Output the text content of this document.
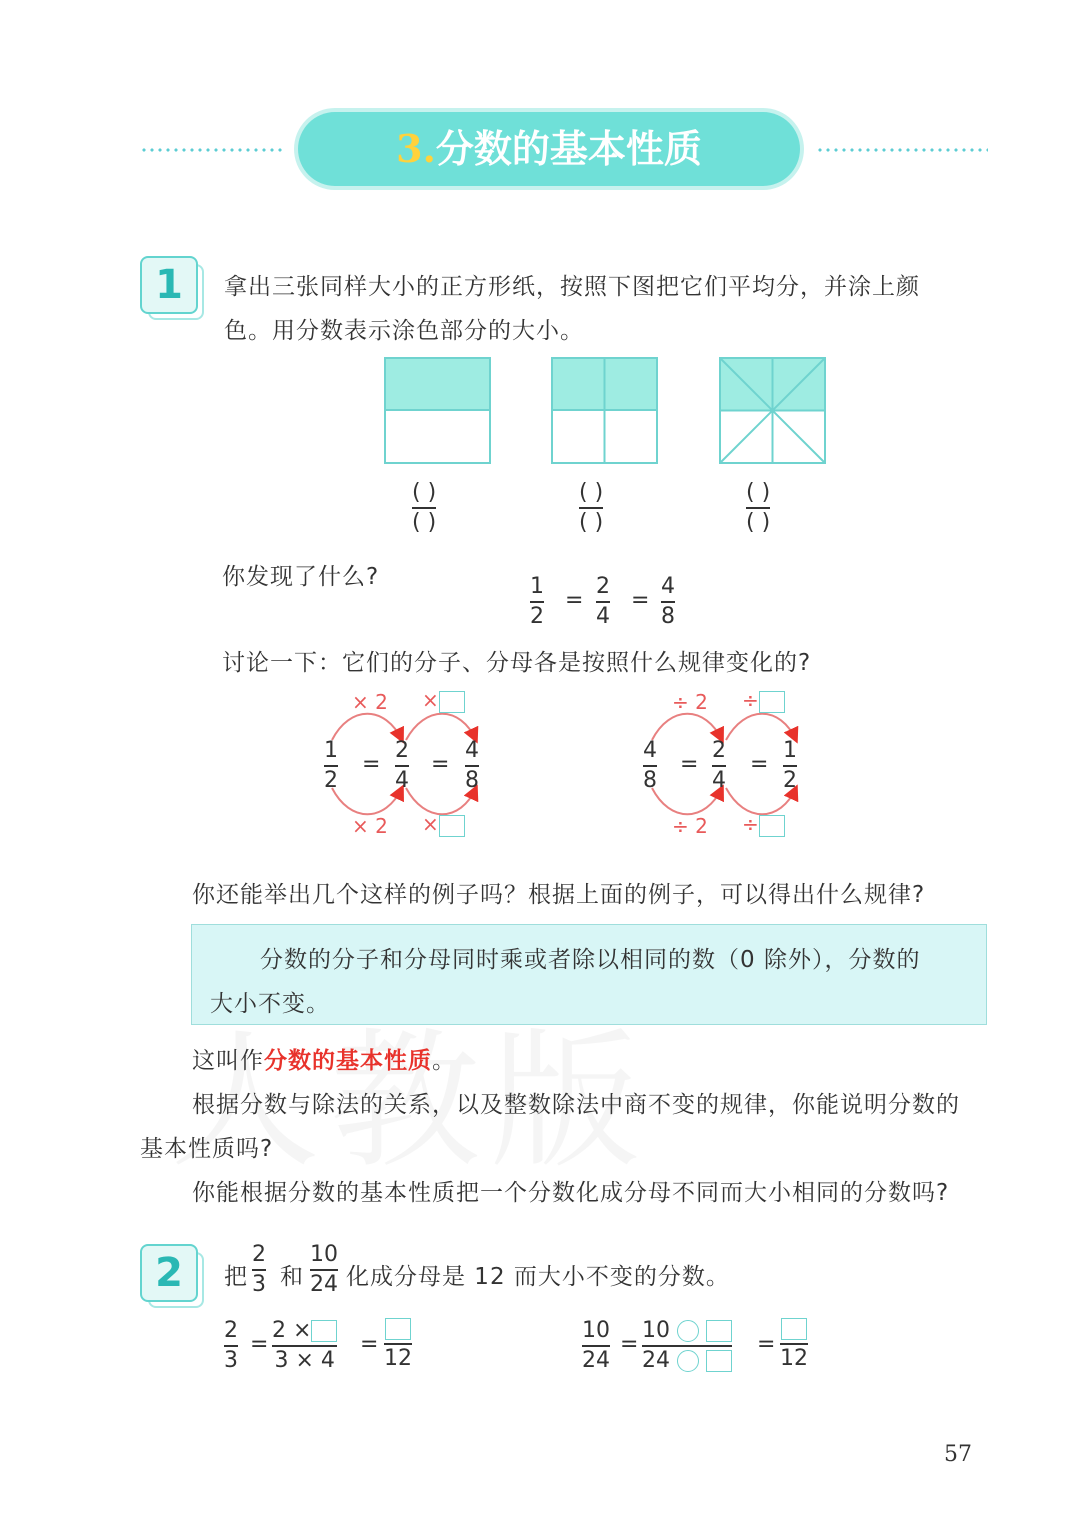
3.分数的基本性质
1	拿出三张同样大小的正方形纸，按照下图把它们平均分，并涂上颜
色。用分数表示涂色部分的大小。
( )
( )
( )
( )
( )
( )
你发现了什么?	1
2
=
2
4
=
4
8
讨论一下：它们的分子、分母各是按照什么规律变化的?
× 2 ×
× 2 ×
1
2
=
2
4
=
4
8
÷ 2 ÷
÷ 2 ÷
4
8
=
2
4
=
1
2
你还能举出几个这样的例子吗？根据上面的例子，可以得出什么规律?
分数的分子和分母同时乘或者除以相同的数（0 除外），分数的
大小不变。
这叫作分数的基本性质。
根据分数与除法的关系，以及整数除法中商不变的规律，你能说明分数的
基本性质吗?
你能根据分数的基本性质把一个分数化成分母不同而大小相同的分数吗?
2	把
2
3 和
10
24 化成分母是 12 而大小不变的分数。
2
3
=
2 ×
3 × 4
=
12
10
24
=
10
24
=
12
57
